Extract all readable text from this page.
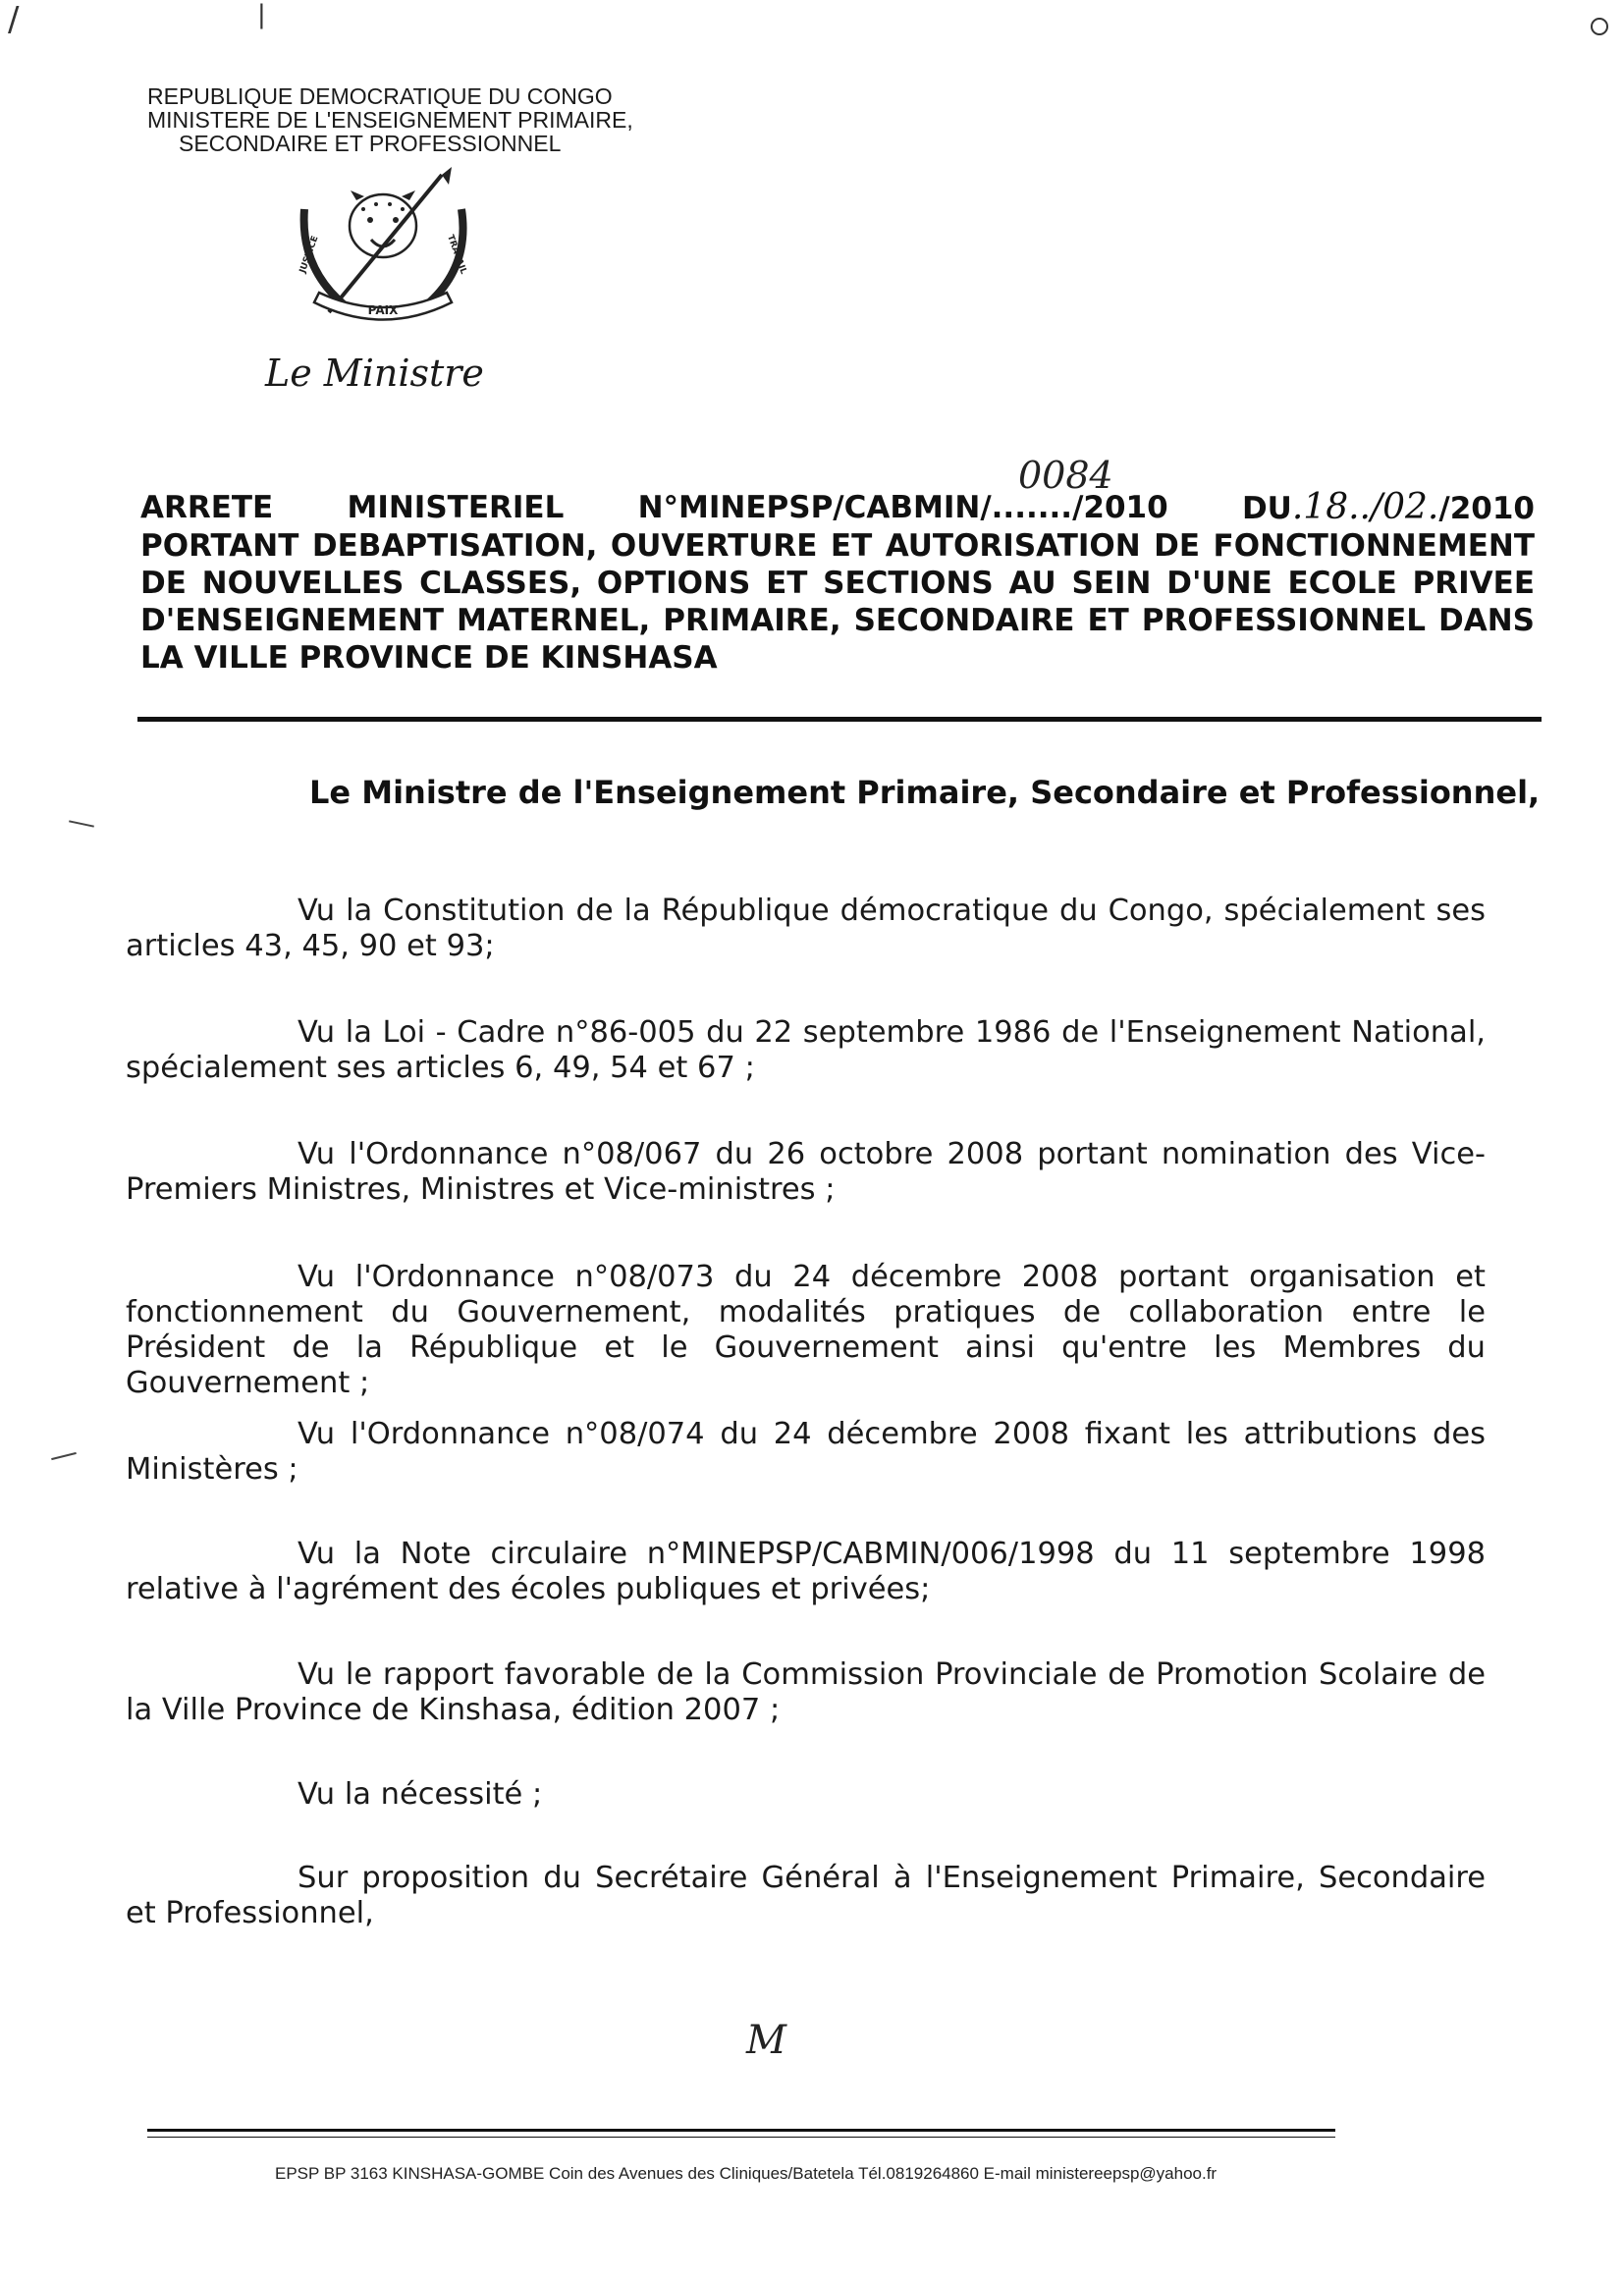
/	|
REPUBLIQUE DEMOCRATIQUE DU CONGO
MINISTERE DE L'ENSEIGNEMENT PRIMAIRE,
SECONDAIRE ET PROFESSIONNEL
PAIX
JUSTICE	TRAVAIL
Le Ministre
0084
ARRETE MINISTERIEL N°MINEPSP/CABMIN/......./2010 DU.18../02./2010
PORTANT DEBAPTISATION, OUVERTURE ET AUTORISATION DE FONCTIONNEMENT DE NOUVELLES CLASSES, OPTIONS ET SECTIONS AU SEIN D'UNE ECOLE PRIVEE D'ENSEIGNEMENT MATERNEL, PRIMAIRE, SECONDAIRE ET PROFESSIONNEL DANS LA VILLE PROVINCE DE KINSHASA
Le Ministre de l'Enseignement Primaire, Secondaire et Professionnel,
Vu la Constitution de la République démocratique du Congo, spécialement ses articles 43, 45, 90 et 93;
Vu la Loi - Cadre n°86-005 du 22 septembre 1986 de l'Enseignement National, spécialement ses articles 6, 49, 54 et 67 ;
Vu l'Ordonnance n°08/067 du 26 octobre 2008 portant nomination des Vice-Premiers Ministres, Ministres et Vice-ministres ;
Vu l'Ordonnance n°08/073 du 24 décembre 2008 portant organisation et fonctionnement du Gouvernement, modalités pratiques de collaboration entre le Président de la République et le Gouvernement ainsi qu'entre les Membres du Gouvernement ;
Vu l'Ordonnance n°08/074 du 24 décembre 2008 fixant les attributions des Ministères ;
Vu la Note circulaire n°MINEPSP/CABMIN/006/1998 du 11 septembre 1998 relative à l'agrément des écoles publiques et privées;
Vu le rapport favorable de la Commission Provinciale de Promotion Scolaire de la Ville Province de Kinshasa, édition 2007 ;
Vu la nécessité ;
Sur proposition du Secrétaire Général à l'Enseignement Primaire, Secondaire et Professionnel,
M
EPSP BP 3163 KINSHASA-GOMBE Coin des Avenues des Cliniques/Batetela Tél.0819264860 E-mail ministereepsp@yahoo.fr
